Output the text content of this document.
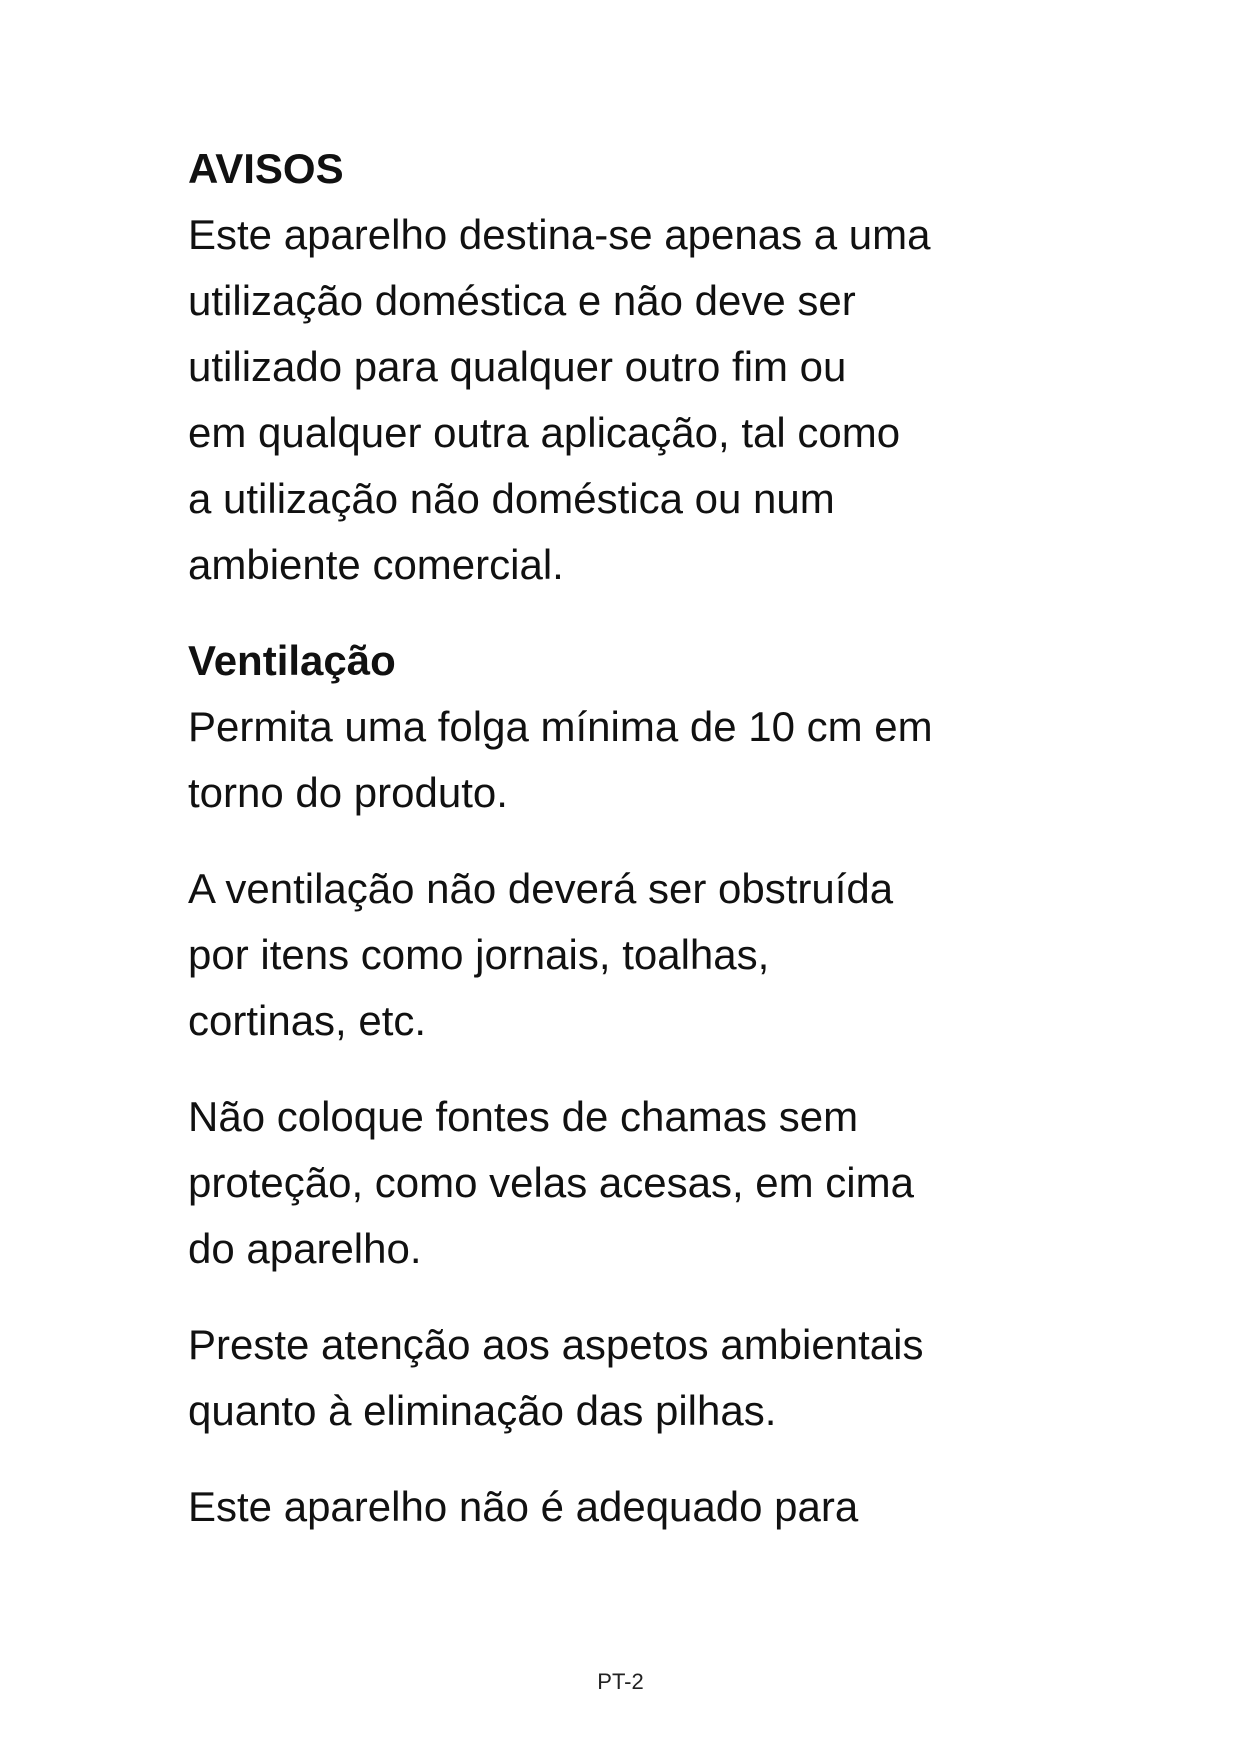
AVISOS

Este aparelho destina-se apenas a uma
utilização doméstica e não deve ser
utilizado para qualquer outro fim ou
em qualquer outra aplicação, tal como
a utilização não doméstica ou num
ambiente comercial.

Ventilação

Permita uma folga mínima de 10 cm em
torno do produto.

A ventilação não deverá ser obstruída
por itens como jornais, toalhas,
cortinas, etc.

Não coloque fontes de chamas sem
proteção, como velas acesas, em cima
do aparelho.

Preste atenção aos aspetos ambientais
quanto à eliminação das pilhas.

Este aparelho não é adequado para

PT-2
